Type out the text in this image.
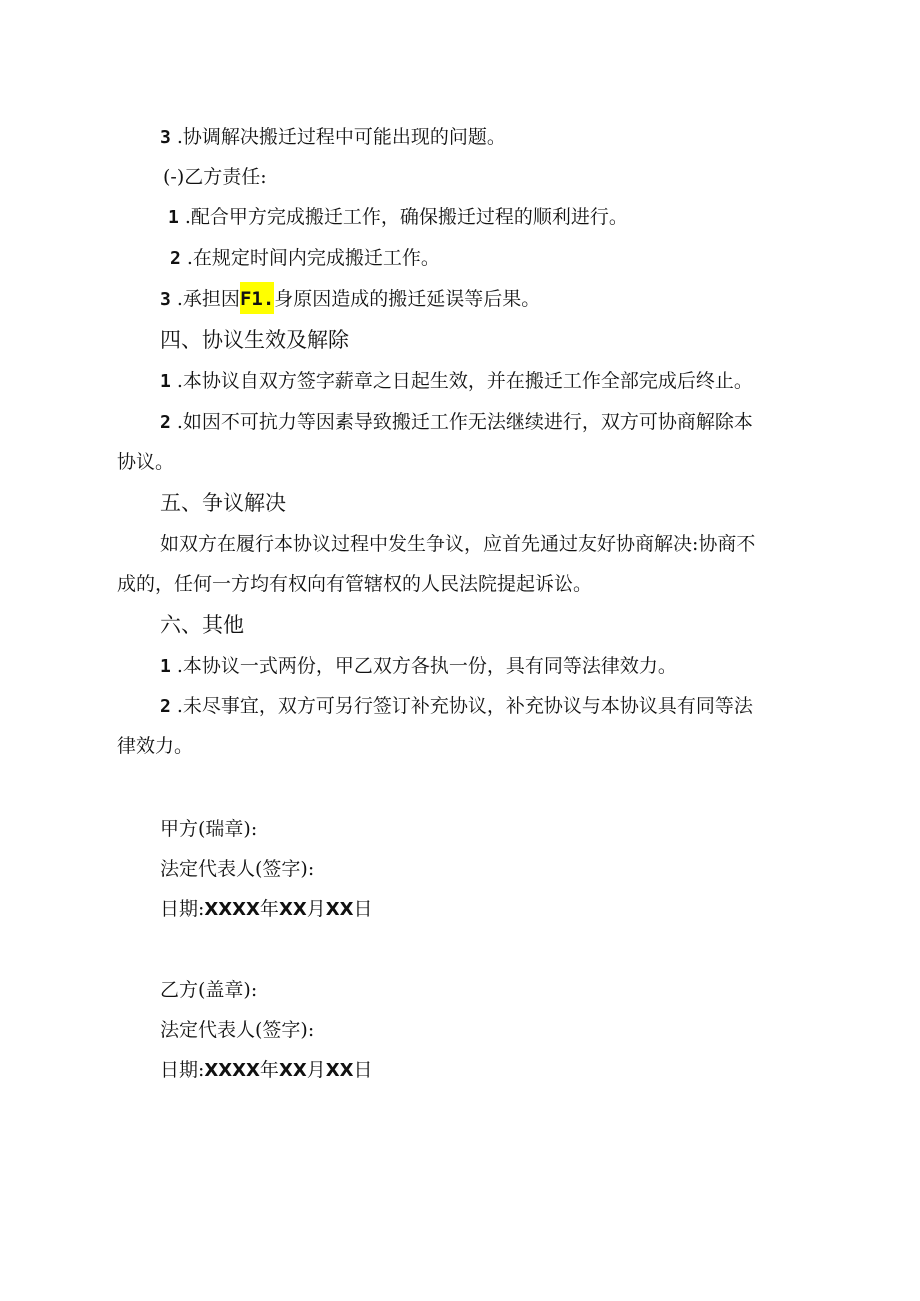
3 .协调解决搬迁过程中可能出现的问题。
(-)乙方责任:
1 .配合甲方完成搬迁工作，确保搬迁过程的顺利进行。
2 .在规定时间内完成搬迁工作。
3 .承担因F1.身原因造成的搬迁延误等后果。
四、协议生效及解除
1 .本协议自双方签字薪章之日起生效，并在搬迁工作全部完成后终止。
2 .如因不可抗力等因素导致搬迁工作无法继续进行，双方可协商解除本
协议。
五、争议解决
如双方在履行本协议过程中发生争议，应首先通过友好协商解决:协商不
成的，任何一方均有权向有管辖权的人民法院提起诉讼。
六、其他
1 .本协议一式两份，甲乙双方各执一份，具有同等法律效力。
2 .未尽事宜，双方可另行签订补充协议，补充协议与本协议具有同等法
律效力。
甲方(瑞章):
法定代表人(签字):
日期:XXXX年XX月XX日
乙方(盖章):
法定代表人(签字):
日期:XXXX年XX月XX日
